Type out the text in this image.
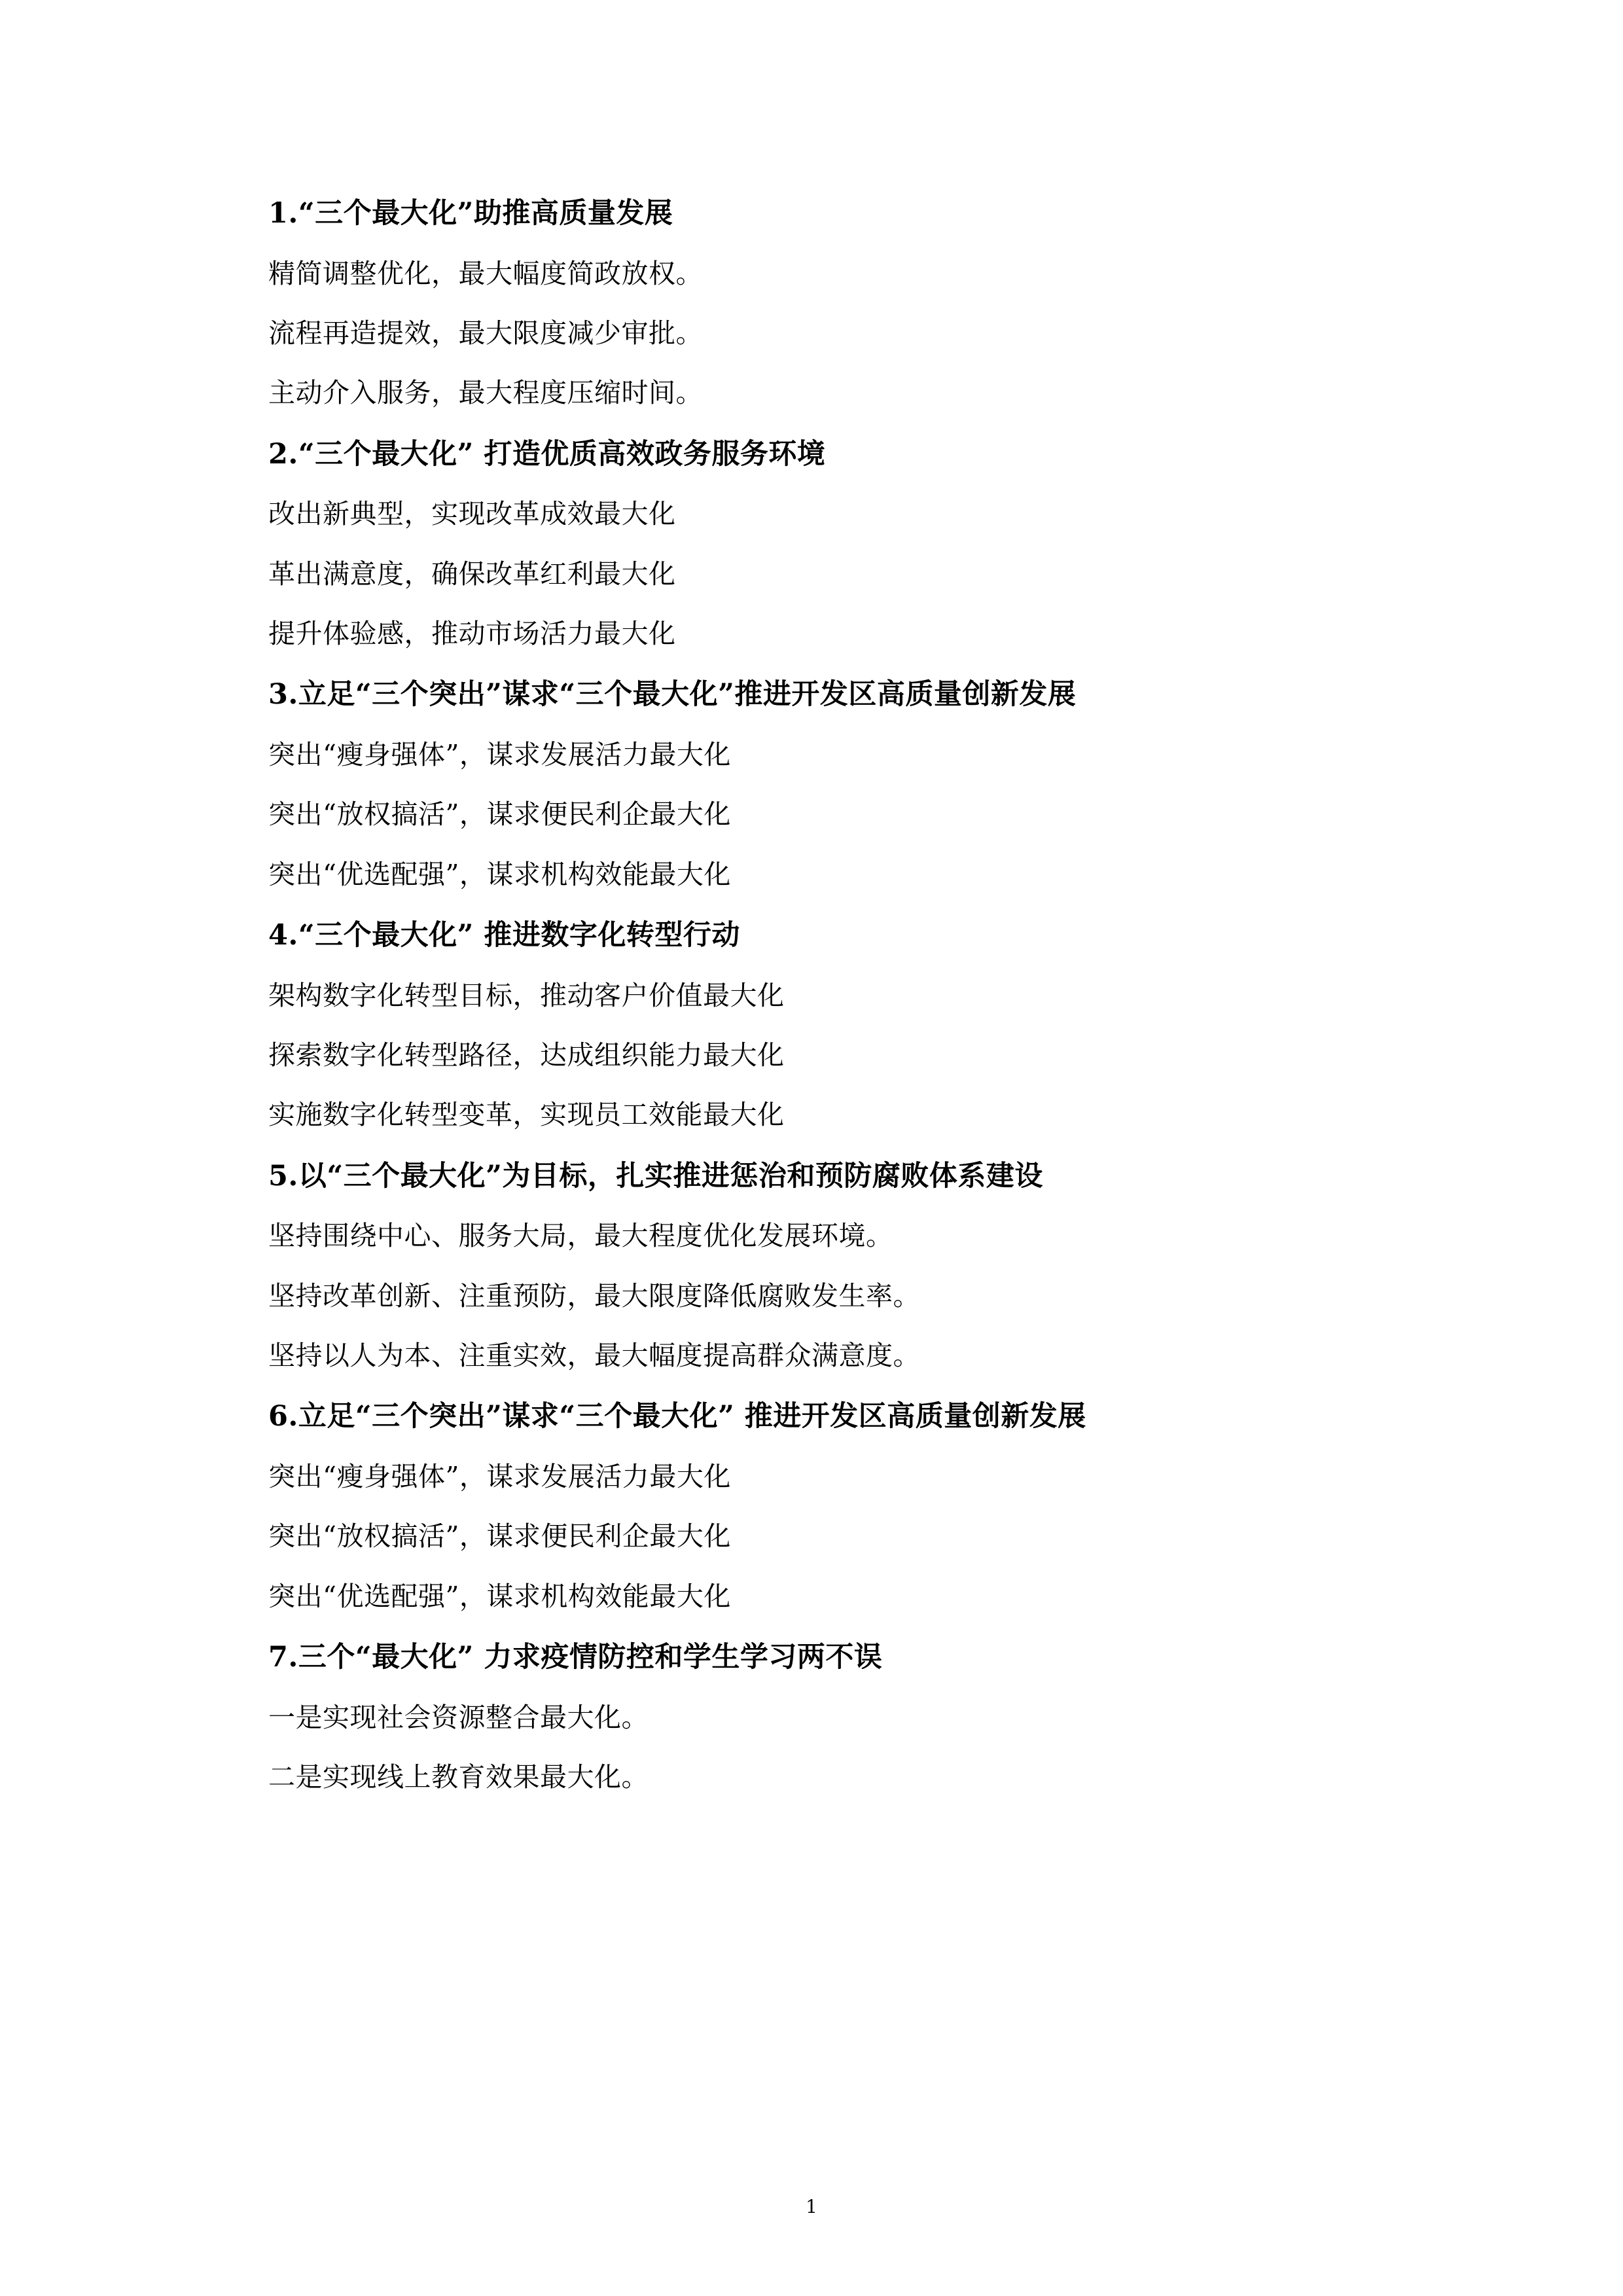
1.“三个最大化”助推高质量发展

精简调整优化，最大幅度简政放权。

流程再造提效，最大限度减少审批。

主动介入服务，最大程度压缩时间。

2.“三个最大化” 打造优质高效政务服务环境

改出新典型，实现改革成效最大化

革出满意度，确保改革红利最大化

提升体验感，推动市场活力最大化

3.立足“三个突出”谋求“三个最大化”推进开发区高质量创新发展

突出“瘦身强体”，谋求发展活力最大化

突出“放权搞活”，谋求便民利企最大化

突出“优选配强”，谋求机构效能最大化

4.“三个最大化” 推进数字化转型行动

架构数字化转型目标，推动客户价值最大化

探索数字化转型路径，达成组织能力最大化

实施数字化转型变革，实现员工效能最大化

5.以“三个最大化”为目标，扎实推进惩治和预防腐败体系建设

坚持围绕中心、服务大局，最大程度优化发展环境。

坚持改革创新、注重预防，最大限度降低腐败发生率。

坚持以人为本、注重实效，最大幅度提高群众满意度。

6.立足“三个突出”谋求“三个最大化” 推进开发区高质量创新发展

突出“瘦身强体”，谋求发展活力最大化

突出“放权搞活”，谋求便民利企最大化

突出“优选配强”，谋求机构效能最大化

7.三个“最大化” 力求疫情防控和学生学习两不误

一是实现社会资源整合最大化。

二是实现线上教育效果最大化。

1
